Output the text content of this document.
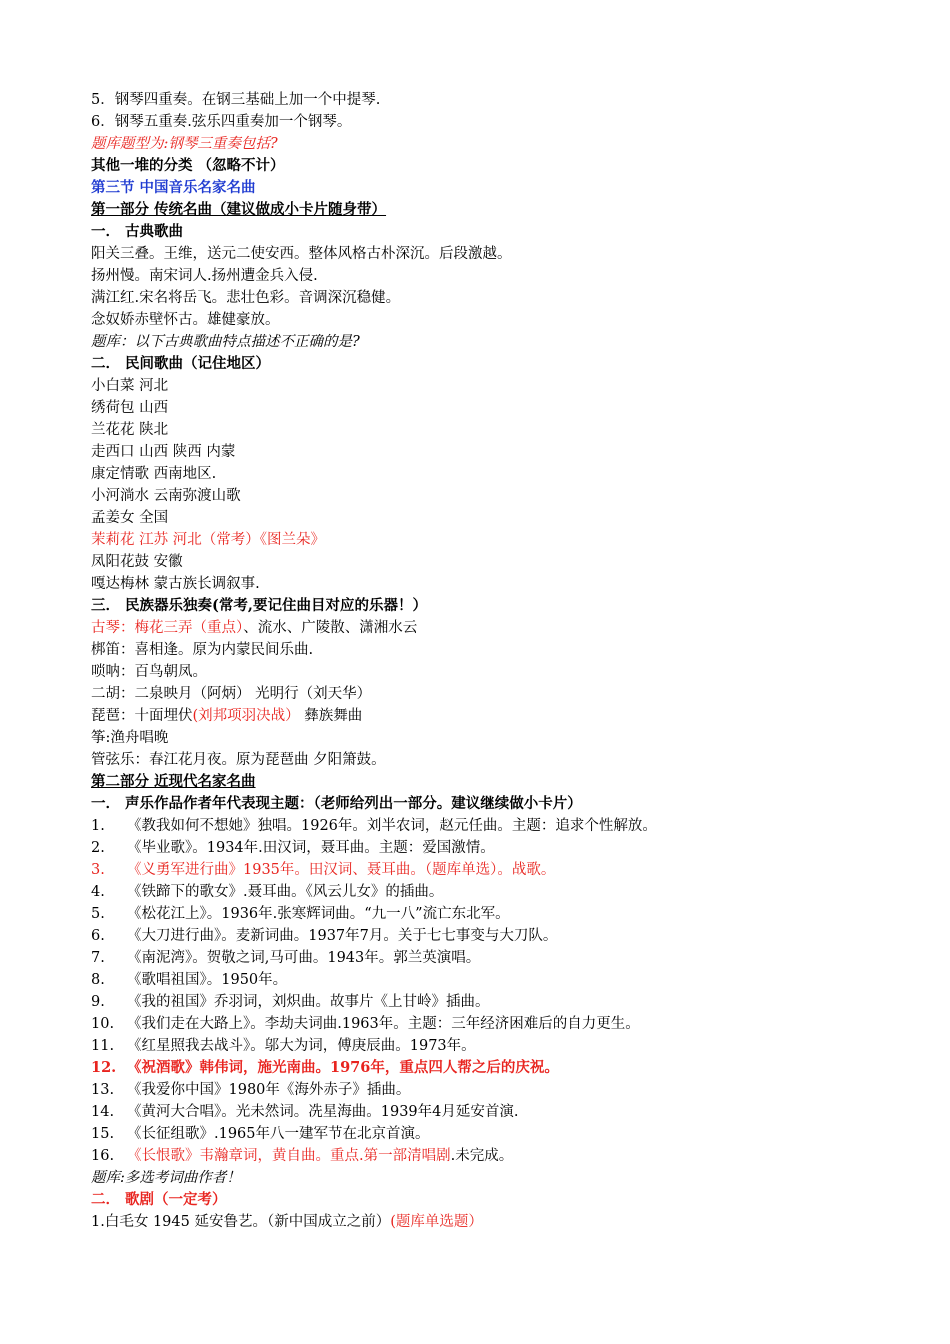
5．钢琴四重奏。在钢三基础上加一个中提琴.
6．钢琴五重奏.弦乐四重奏加一个钢琴。
题库题型为:钢琴三重奏包括?
其他一堆的分类 （忽略不计）
第三节 中国音乐名家名曲
第一部分 传统名曲（建议做成小卡片随身带）
一． 古典歌曲
阳关三叠。王维，送元二使安西。整体风格古朴深沉。后段激越。
扬州慢。南宋词人.扬州遭金兵入侵.
满江红.宋名将岳飞。悲壮色彩。音调深沉稳健。
念奴娇赤壁怀古。雄健豪放。
题库：以下古典歌曲特点描述不正确的是?
二． 民间歌曲（记住地区）
小白菜 河北
绣荷包 山西
兰花花 陕北
走西口 山西 陕西 内蒙
康定情歌 西南地区.
小河淌水 云南弥渡山歌
孟姜女 全国
茉莉花 江苏 河北（常考）《图兰朵》
凤阳花鼓 安徽
嘎达梅林 蒙古族长调叙事.
三． 民族器乐独奏(常考,要记住曲目对应的乐器！）
古琴：梅花三弄（重点）、流水、广陵散、潇湘水云
梆笛：喜相逢。原为内蒙民间乐曲.
唢呐：百鸟朝凤。
二胡：二泉映月（阿炳） 光明行（刘天华）
琵琶：十面埋伏(刘邦项羽决战） 彝族舞曲
筝:渔舟唱晚
管弦乐：春江花月夜。原为琵琶曲 夕阳箫鼓。
第二部分 近现代名家名曲
一． 声乐作品作者年代表现主题：（老师给列出一部分。建议继续做小卡片）
1. 《教我如何不想她》独唱。1926年。刘半农词，赵元任曲。主题：追求个性解放。
2. 《毕业歌》。1934年.田汉词，聂耳曲。主题：爱国激情。
3. 《义勇军进行曲》1935年。田汉词、聂耳曲。（题库单选）。战歌。
4. 《铁蹄下的歌女》.聂耳曲。《风云儿女》的插曲。
5. 《松花江上》。1936年.张寒辉词曲。“九一八”流亡东北军。
6. 《大刀进行曲》。麦新词曲。1937年7月。关于七七事变与大刀队。
7. 《南泥湾》。贺敬之词,马可曲。1943年。郭兰英演唱。
8. 《歌唱祖国》。1950年。
9. 《我的祖国》乔羽词，刘炽曲。故事片《上甘岭》插曲。
10. 《我们走在大路上》。李劫夫词曲.1963年。主题：三年经济困难后的自力更生。
11. 《红星照我去战斗》。邬大为词，傅庚辰曲。1973年。
12. 《祝酒歌》韩伟词，施光南曲。1976年，重点四人帮之后的庆祝。
13. 《我爱你中国》1980年《海外赤子》插曲。
14. 《黄河大合唱》。光未然词。冼星海曲。1939年4月延安首演.
15. 《长征组歌》.1965年八一建军节在北京首演。
16. 《长恨歌》韦瀚章词，黄自曲。重点.第一部清唱剧.未完成。
题库:多选考词曲作者！
二． 歌剧（一定考）
1.白毛女 1945 延安鲁艺。（新中国成立之前）(题库单选题）
